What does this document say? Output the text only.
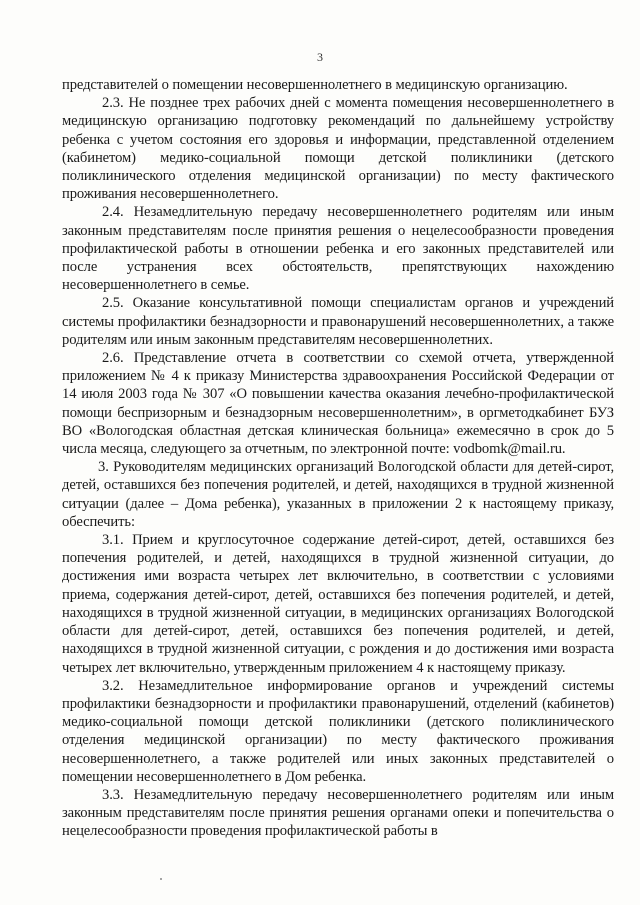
3

представителей о помещении несовершеннолетнего в медицинскую организацию.

2.3. Не позднее трех рабочих дней с момента помещения несовершеннолетнего в медицинскую организацию подготовку рекомендаций по дальнейшему устройству ребенка с учетом состояния его здоровья и информации, представленной отделением (кабинетом) медико-социальной помощи детской поликлиники (детского поликлинического отделения медицинской организации) по месту фактического проживания несовершеннолетнего.

2.4. Незамедлительную передачу несовершеннолетнего родителям или иным законным представителям после принятия решения о нецелесообразности проведения профилактической работы в отношении ребенка и его законных представителей или после устранения всех обстоятельств, препятствующих нахождению несовершеннолетнего в семье.

2.5. Оказание консультативной помощи специалистам органов и учреждений системы профилактики безнадзорности и правонарушений несовершеннолетних, а также родителям или иным законным представителям несовершеннолетних.

2.6. Представление отчета в соответствии со схемой отчета, утвержденной приложением № 4 к приказу Министерства здравоохранения Российской Федерации от 14 июля 2003 года № 307 «О повышении качества оказания лечебно-профилактической помощи беспризорным и безнадзорным несовершеннолетним», в оргметодкабинет БУЗ ВО «Вологодская областная детская клиническая больница» ежемесячно в срок до 5 числа месяца, следующего за отчетным, по электронной почте: vodbomk@mail.ru.

3. Руководителям медицинских организаций Вологодской области для детей-сирот, детей, оставшихся без попечения родителей, и детей, находящихся в трудной жизненной ситуации (далее – Дома ребенка), указанных в приложении 2 к настоящему приказу, обеспечить:

3.1. Прием и круглосуточное содержание детей-сирот, детей, оставшихся без попечения родителей, и детей, находящихся в трудной жизненной ситуации, до достижения ими возраста четырех лет включительно, в соответствии с условиями приема, содержания детей-сирот, детей, оставшихся без попечения родителей, и детей, находящихся в трудной жизненной ситуации, в медицинских организациях Вологодской области для детей-сирот, детей, оставшихся без попечения родителей, и детей, находящихся в трудной жизненной ситуации, с рождения и до достижения ими возраста четырех лет включительно, утвержденным приложением 4 к настоящему приказу.

3.2. Незамедлительное информирование органов и учреждений системы профилактики безнадзорности и профилактики правонарушений, отделений (кабинетов) медико-социальной помощи детской поликлиники (детского поликлинического отделения медицинской организации) по месту фактического проживания несовершеннолетнего, а также родителей или иных законных представителей о помещении несовершеннолетнего в Дом ребенка.

3.3. Незамедлительную передачу несовершеннолетнего родителям или иным законным представителям после принятия решения органами опеки и попечительства о нецелесообразности проведения профилактической работы в
